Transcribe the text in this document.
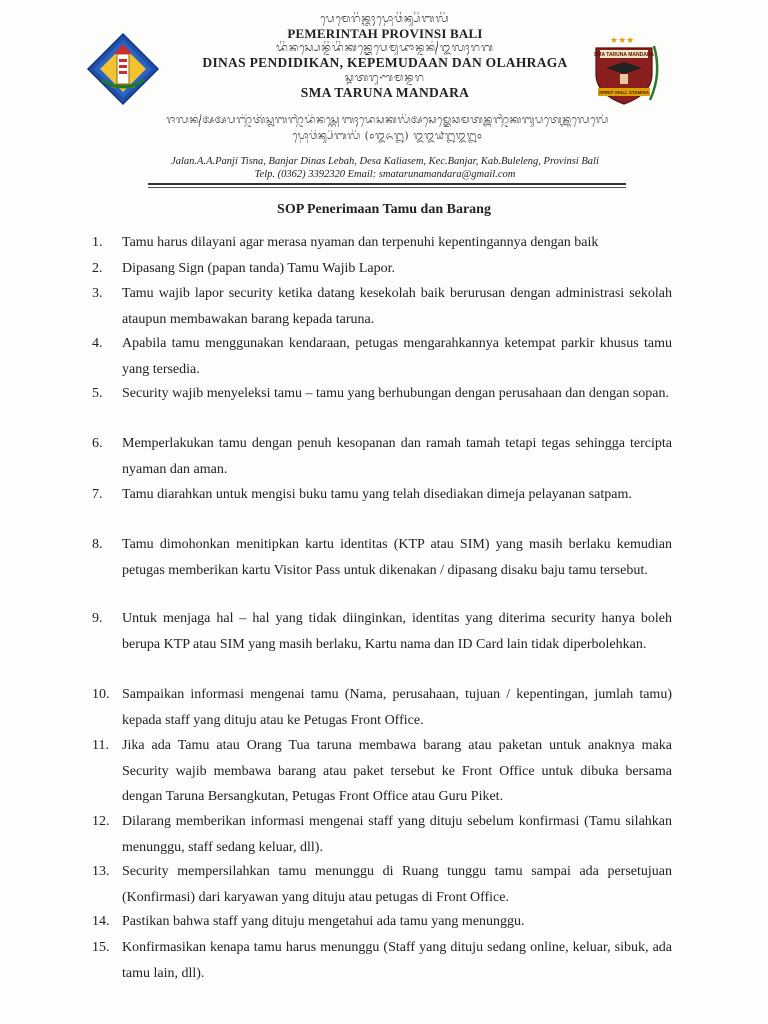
★★★
SMA TARUNA MANDARA
SPIRIT SKILL STAMINA
ᬧᬾᬫᬾᬭᬶᬦ᭄ᬢᬄᬧ᭄ᬭᭀᬯᬶᬦ᭄ᬲᬶᬩᬮᬶ
PEMERINTAH PROVINSI BALI
ᬤᬶᬦᬲ᭄ᬧᬾᬦ᭄ᬤᬶᬤᬶᬓᬦ᭄ᬓᬾᬧᬾᬫᬸᬤᬵᬦ᭄ᬤᬦ᭄ᬑᬮᬄᬭᬕ
DINAS PENDIDIKAN, KEPEMUDAAN DAN OLAHRAGA
ᬲ᭄ᬫᬢᬭᬸᬡᬫᬦ᭄ᬤᬭ
SMA TARUNA MANDARA
ᬚᬮᬦ᭄ᬅᬅᬧᬜ᭄ᬚᬶᬢᬶᬲ᭄ᬦᬩᬜ᭄ᬚᬃᬤᬶᬦᬲ᭄ᬮᬾᬩᬄᬤᬾᬲᬓᬮᬶᬅᬲᬾᬫ᭄ᬓᬾᬘᬫᬢᬦ᭄ᬩᬜ᭄ᬚᬃᬓᬩᬸᬧᬢᬾᬦ᭄ᬩᬸᬮᬾᬮᬾᬂ
ᬧ᭄ᬭᭀᬯᬶᬦ᭄ᬲᬶᬩᬮᬶ (᭐᭓᭖᭒) ᭓᭓᭙᭒᭓᭒᭐
Jalan.A.A.Panji Tisna, Banjar Dinas Lebah, Desa Kaliasem, Kec.Banjar, Kab.Buleleng, Provinsi Bali
Telp. (0362) 3392320 Email: smatarunamandara@gmail.com
SOP Penerimaan Tamu dan Barang
1.	Tamu harus dilayani agar merasa nyaman dan terpenuhi kepentingannya dengan baik
2.	Dipasang Sign (papan tanda) Tamu Wajib Lapor.
3.	Tamu wajib lapor security ketika datang kesekolah baik berurusan dengan administrasi sekolah ataupun membawakan barang kepada taruna.
4.	Apabila tamu menggunakan kendaraan, petugas mengarahkannya ketempat parkir khusus tamu yang tersedia.
5.	Security wajib menyeleksi tamu – tamu yang berhubungan dengan perusahaan dan dengan sopan.
6.	Memperlakukan tamu dengan penuh kesopanan dan ramah tamah tetapi tegas sehingga tercipta nyaman dan aman.
7.	Tamu diarahkan untuk mengisi buku tamu yang telah disediakan dimeja pelayanan satpam.
8.	Tamu dimohonkan menitipkan kartu identitas (KTP atau SIM) yang masih berlaku kemudian petugas memberikan kartu Visitor Pass untuk dikenakan / dipasang disaku baju tamu tersebut.
9.	Untuk menjaga hal – hal yang tidak diinginkan, identitas yang diterima security hanya boleh berupa KTP atau SIM yang masih berlaku, Kartu nama dan ID Card lain tidak diperbolehkan.
10. Sampaikan informasi mengenai tamu (Nama, perusahaan, tujuan / kepentingan, jumlah tamu) kepada staff yang dituju atau ke Petugas Front Office.
11. Jika ada Tamu atau Orang Tua taruna membawa barang atau paketan untuk anaknya maka Security wajib membawa barang atau paket tersebut ke Front Office untuk dibuka bersama dengan Taruna Bersangkutan, Petugas Front Office atau Guru Piket.
12. Dilarang memberikan informasi mengenai staff yang dituju sebelum konfirmasi (Tamu silahkan menunggu, staff sedang keluar, dll).
13. Security mempersilahkan tamu menunggu di Ruang tunggu tamu sampai ada persetujuan (Konfirmasi) dari karyawan yang dituju atau petugas di Front Office.
14. Pastikan bahwa staff yang dituju mengetahui ada tamu yang menunggu.
15. Konfirmasikan kenapa tamu harus menunggu (Staff yang dituju sedang online, keluar, sibuk, ada tamu lain, dll).
